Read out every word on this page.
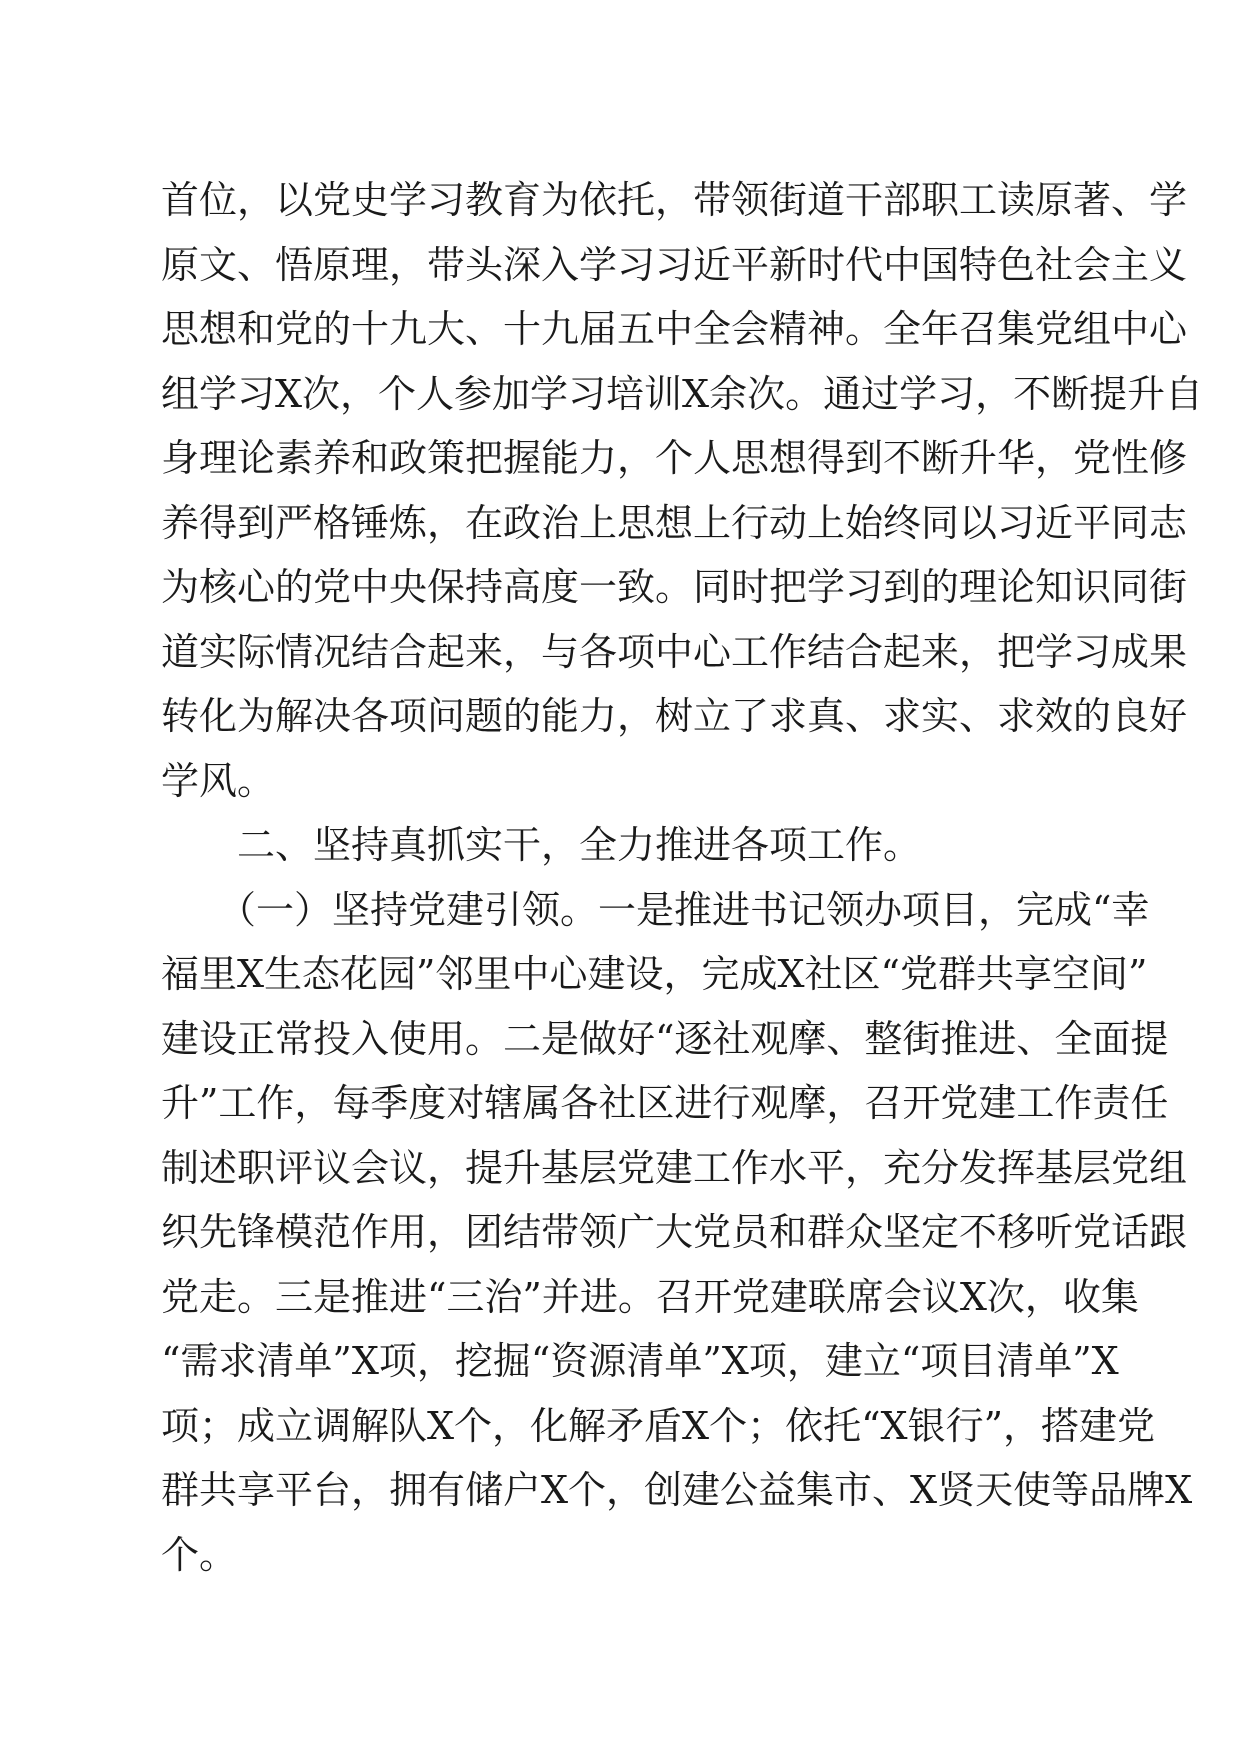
首位，以党史学习教育为依托，带领街道干部职工读原著、学
原文、悟原理，带头深入学习习近平新时代中国特色社会主义
思想和党的十九大、十九届五中全会精神。全年召集党组中心
组学习X次，个人参加学习培训X余次。通过学习，不断提升自
身理论素养和政策把握能力，个人思想得到不断升华，党性修
养得到严格锤炼，在政治上思想上行动上始终同以习近平同志
为核心的党中央保持高度一致。同时把学习到的理论知识同街
道实际情况结合起来，与各项中心工作结合起来，把学习成果
转化为解决各项问题的能力，树立了求真、求实、求效的良好
学风。
　　二、坚持真抓实干，全力推进各项工作。
　　（一）坚持党建引领。一是推进书记领办项目，完成“幸
福里X生态花园”邻里中心建设，完成X社区“党群共享空间”
建设正常投入使用。二是做好“逐社观摩、整街推进、全面提
升”工作，每季度对辖属各社区进行观摩，召开党建工作责任
制述职评议会议，提升基层党建工作水平，充分发挥基层党组
织先锋模范作用，团结带领广大党员和群众坚定不移听党话跟
党走。三是推进“三治”并进。召开党建联席会议X次，收集
“需求清单”X项，挖掘“资源清单”X项，建立“项目清单”X
项；成立调解队X个，化解矛盾X个；依托“X银行”，搭建党
群共享平台，拥有储户X个，创建公益集市、X贤天使等品牌X
个。
